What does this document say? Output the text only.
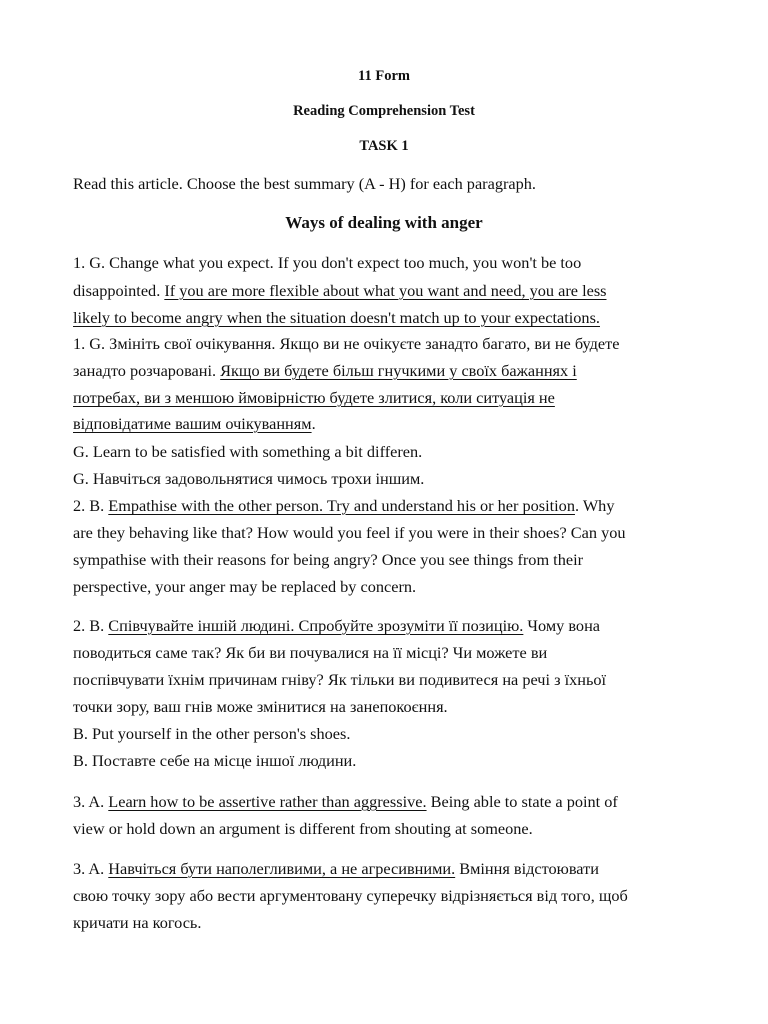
11 Form
Reading Comprehension Test
TASK 1
Read this article. Choose the best summary (A - H) for each paragraph.
Ways of dealing with anger
1. G. Change what you expect. If you don't expect too much, you won't be too
disappointed. If you are more flexible about what you want and need, you are less
likely to become angry when the situation doesn't match up to your expectations.
1. G. Змініть свої очікування. Якщо ви не очікуєте занадто багато, ви не будете
занадто розчаровані. Якщо ви будете більш гнучкими у своїх бажаннях і
потребах, ви з меншою ймовірністю будете злитися, коли ситуація не
відповідатиме вашим очікуванням.
G. Learn to be satisfied with something a bit differen.
G. Навчіться задовольнятися чимось трохи іншим.
2. B. Empathise with the other person. Try and understand his or her position. Why
are they behaving like that? How would you feel if you were in their shoes? Can you
sympathise with their reasons for being angry? Once you see things from their
perspective, your anger may be replaced by concern.
2. B. Співчувайте іншій людині. Спробуйте зрозуміти її позицію. Чому вона
поводиться саме так? Як би ви почувалися на її місці? Чи можете ви
поспівчувати їхнім причинам гніву? Як тільки ви подивитеся на речі з їхньої
точки зору, ваш гнів може змінитися на занепокоєння.
B. Put yourself in the other person's shoes.
B. Поставте себе на місце іншої людини.
3. A. Learn how to be assertive rather than aggressive. Being able to state a point of
view or hold down an argument is different from shouting at someone.
3. A. Навчіться бути наполегливими, а не агресивними. Вміння відстоювати
свою точку зору або вести аргументовану суперечку відрізняється від того, щоб
кричати на когось.
